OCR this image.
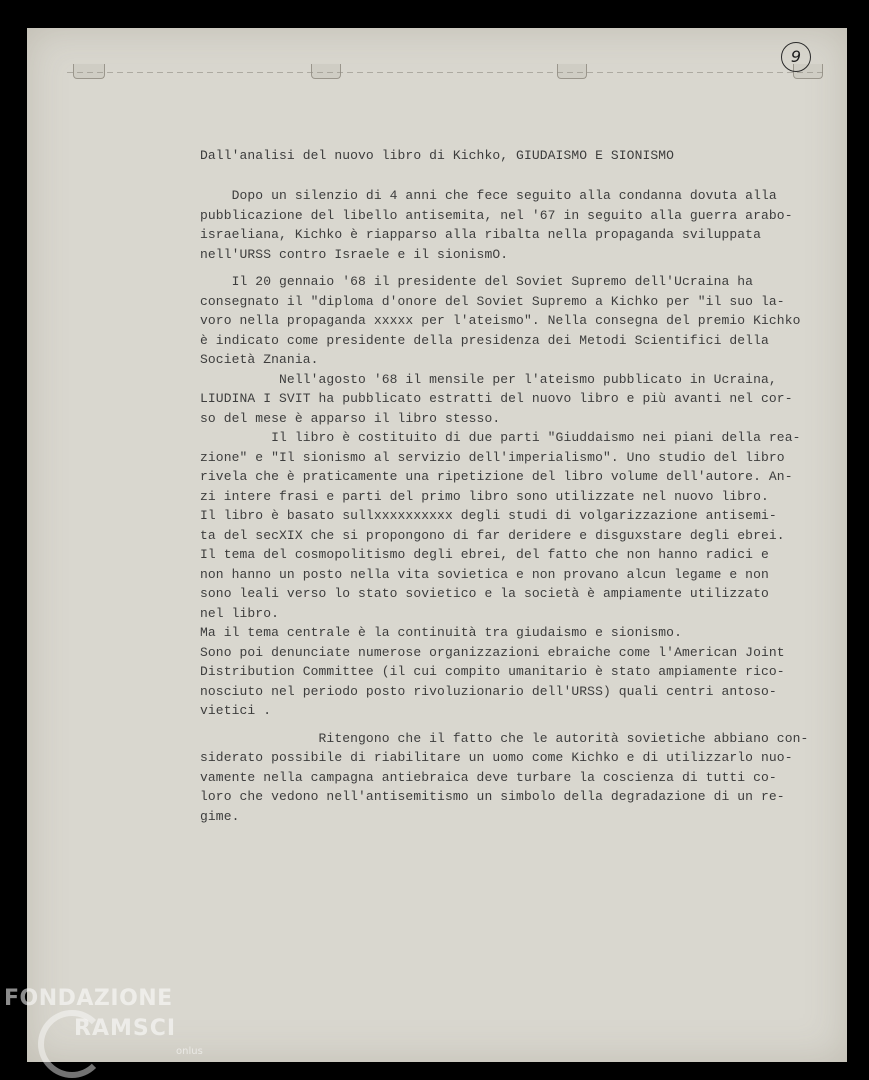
9
Dall'analisi del nuovo libro di Kichko, GIUDAISMO E SIONISMO
Dopo un silenzio di 4 anni che fece seguito alla condanna dovuta alla
pubblicazione del libello antisemita, nel '67 in seguito alla guerra arabo-
israeliana, Kichko è riapparso alla ribalta nella propaganda sviluppata
nell'URSS contro Israele e il sionismO.
Il 20 gennaio '68 il presidente del Soviet Supremo dell'Ucraina ha
consegnato il "diploma d'onore del Soviet Supremo a Kichko per "il suo la-
voro nella propaganda xxxxx per l'ateismo". Nella consegna del premio Kichko
è indicato come presidente della presidenza dei Metodi Scientifici della
Società Znania.
Nell'agosto '68 il mensile per l'ateismo pubblicato in Ucraina,
LIUDINA I SVIT ha pubblicato estratti del nuovo libro e più avanti nel cor-
so del mese è apparso il libro stesso.
Il libro è costituito di due parti "Giuddaismo nei piani della rea-
zione" e "Il sionismo al servizio dell'imperialismo". Uno studio del libro
rivela che è praticamente una ripetizione del libro volume dell'autore. An-
zi intere frasi e parti del primo libro sono utilizzate nel nuovo libro.
Il libro è basato sullxxxxxxxxxx degli studi di volgarizzazione antisemi-
ta del secXIX che si propongono di far deridere e disguxstare degli ebrei.
Il tema del cosmopolitismo degli ebrei, del fatto che non hanno radici e
non hanno un posto nella vita sovietica e non provano alcun legame e non
sono leali verso lo stato sovietico e la società è ampiamente utilizzato
nel libro.
Ma il tema centrale è la continuità tra giudaismo e sionismo.
Sono poi denunciate numerose organizzazioni ebraiche come l'American Joint
Distribution Committee (il cui compito umanitario è stato ampiamente rico-
nosciuto nel periodo posto rivoluzionario dell'URSS) quali centri antoso-
vietici .
Ritengono che il fatto che le autorità sovietiche abbiano con-
siderato possibile di riabilitare un uomo come Kichko e di utilizzarlo nuo-
vamente nella campagna antiebraica deve turbare la coscienza di tutti co-
loro che vedono nell'antisemitismo un simbolo della degradazione di un re-
gime.
FONDAZIONE
RAMSCI
onlus
